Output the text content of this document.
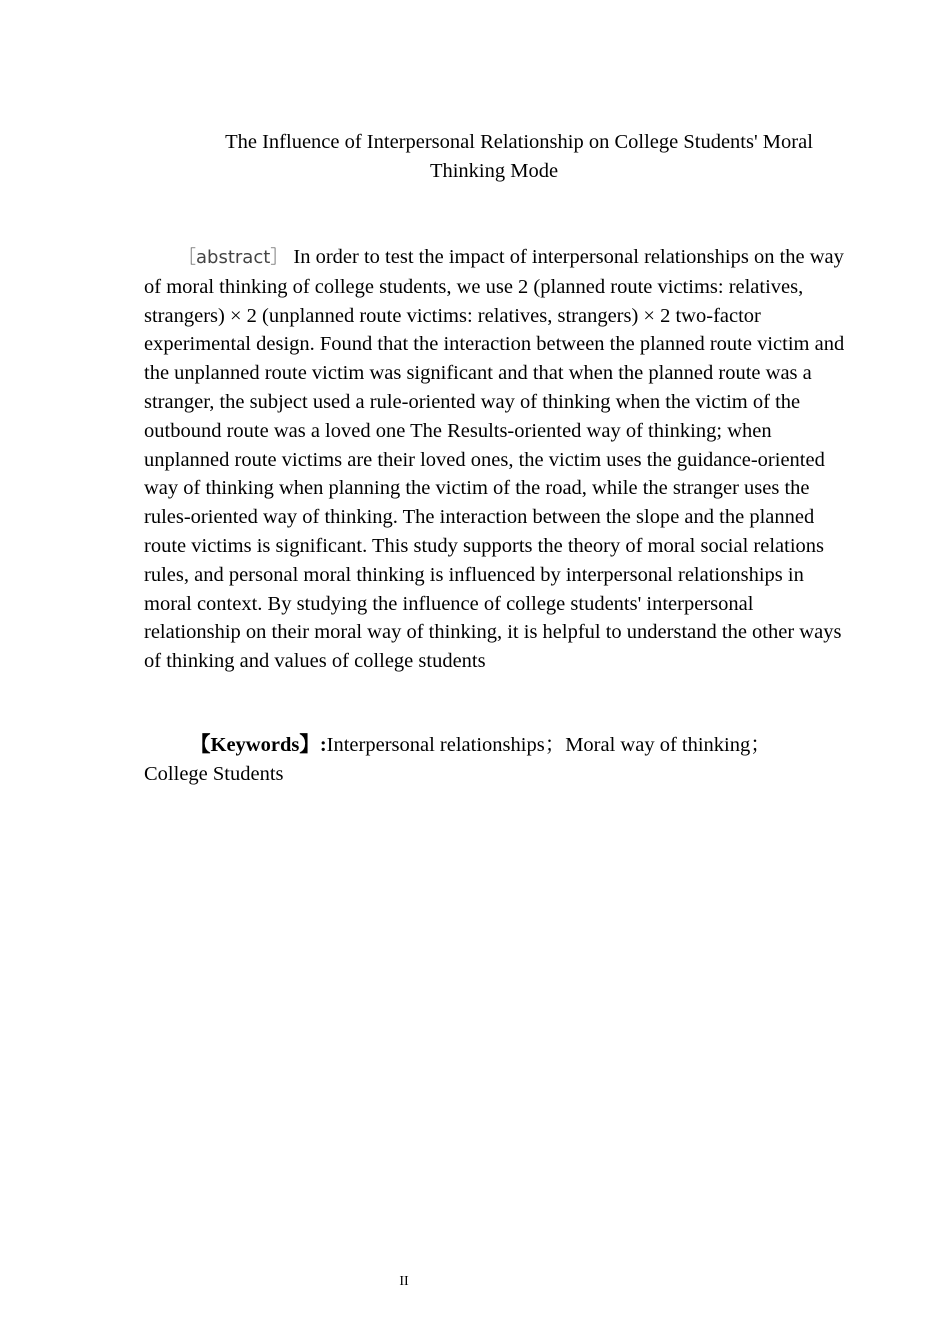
The Influence of Interpersonal Relationship on College Students' Moral
Thinking Mode

［abstract］ In order to test the impact of interpersonal relationships on the way of moral thinking of college students, we use 2 (planned route victims: relatives, strangers) × 2 (unplanned route victims: relatives, strangers) × 2 two-factor experimental design. Found that the interaction between the planned route victim and the unplanned route victim was significant and that when the planned route was a stranger, the subject used a rule-oriented way of thinking when the victim of the outbound route was a loved one The Results-oriented way of thinking; when unplanned route victims are their loved ones, the victim uses the guidance-oriented way of thinking when planning the victim of the road, while the stranger uses the rules-oriented way of thinking. The interaction between the slope and the planned route victims is significant. This study supports the theory of moral social relations rules, and personal moral thinking is influenced by interpersonal relationships in moral context. By studying the influence of college students' interpersonal relationship on their moral way of thinking, it is helpful to understand the other ways of thinking and values of college students

【Keywords】:Interpersonal relationships；Moral way of thinking；College Students

II
